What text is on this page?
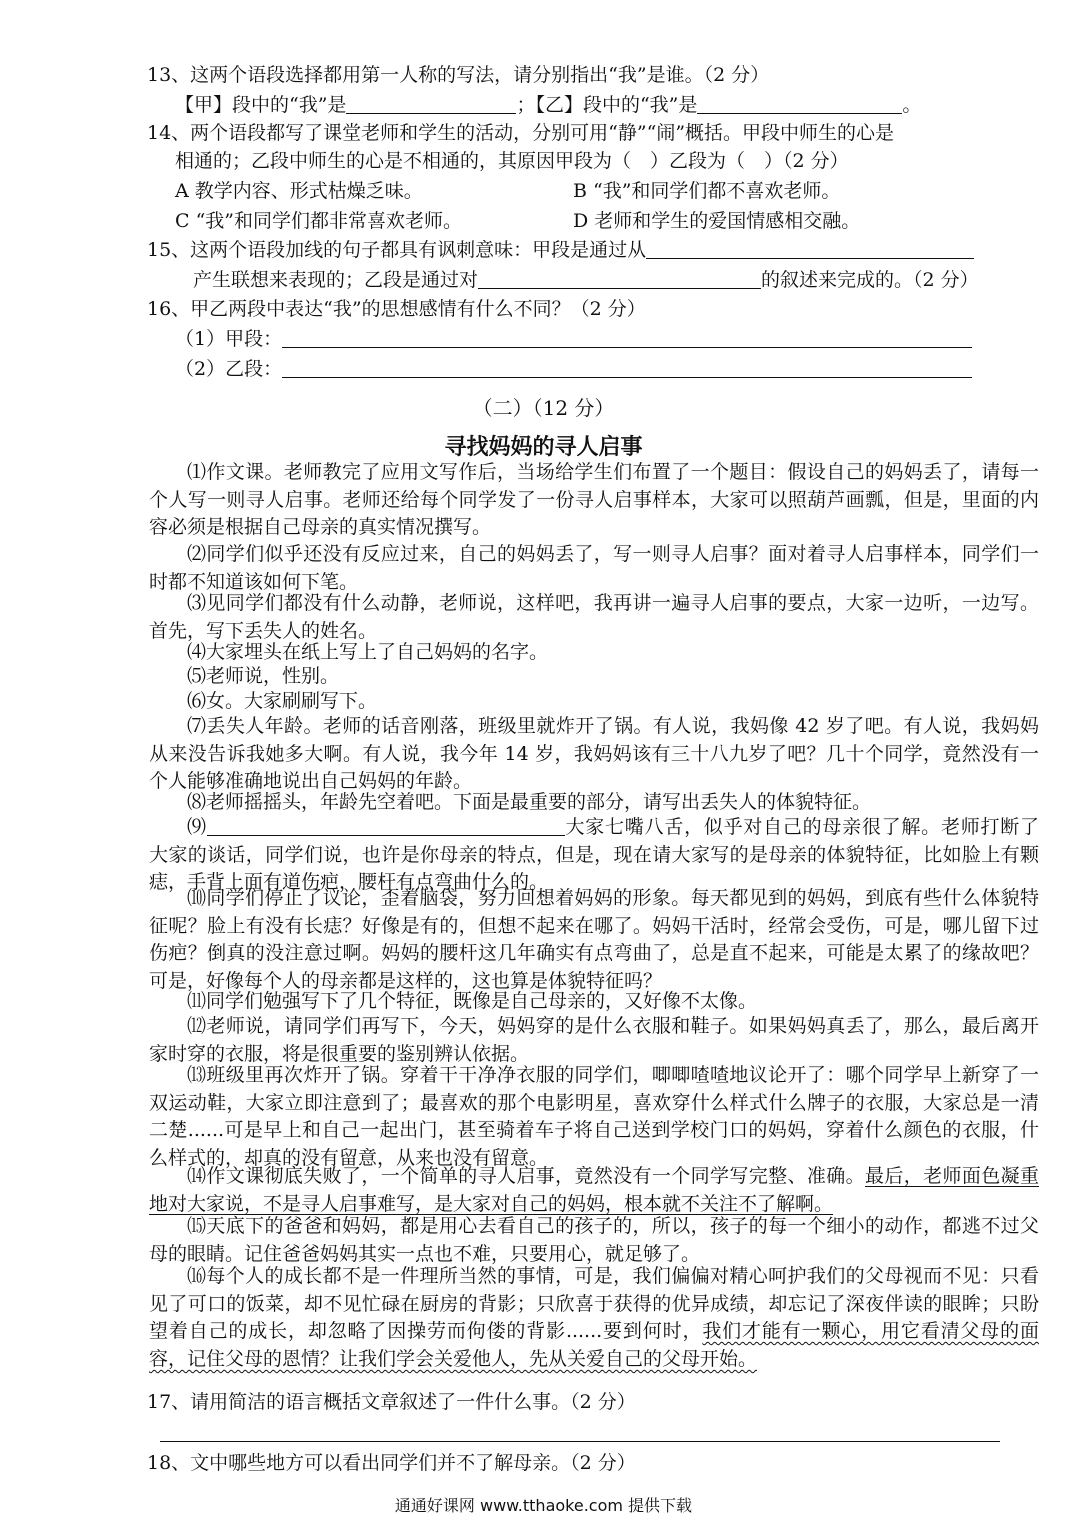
13、这两个语段选择都用第一人称的写法，请分别指出“我”是谁。（2 分）
【甲】段中的“我”是	；【乙】段中的“我”是	。
14、两个语段都写了课堂老师和学生的活动，分别可用“静”“闹”概括。甲段中师生的心是
相通的；乙段中师生的心是不相通的，其原因甲段为（　）乙段为（　）（2 分）
A 教学内容、形式枯燥乏味。	B “我”和同学们都不喜欢老师。
C “我”和同学们都非常喜欢老师。	D 老师和学生的爱国情感相交融。
15、这两个语段加线的句子都具有讽刺意味：甲段是通过从
产生联想来表现的；乙段是通过对	的叙述来完成的。（2 分）
16、甲乙两段中表达“我”的思想感情有什么不同？（2 分）
（1）甲段：
（2）乙段：
（二）（12 分）
寻找妈妈的寻人启事
⑴作文课。老师教完了应用文写作后，当场给学生们布置了一个题目：假设自己的妈妈丢了，请每一个人写一则寻人启事。老师还给每个同学发了一份寻人启事样本，大家可以照葫芦画瓢，但是，里面的内容必须是根据自己母亲的真实情况撰写。
⑵同学们似乎还没有反应过来，自己的妈妈丢了，写一则寻人启事？面对着寻人启事样本，同学们一时都不知道该如何下笔。
⑶见同学们都没有什么动静，老师说，这样吧，我再讲一遍寻人启事的要点，大家一边听，一边写。首先，写下丢失人的姓名。
⑷大家埋头在纸上写上了自己妈妈的名字。
⑸老师说，性别。
⑹女。大家刷刷写下。
⑺丢失人年龄。老师的话音刚落，班级里就炸开了锅。有人说，我妈像 42 岁了吧。有人说，我妈妈从来没告诉我她多大啊。有人说，我今年 14 岁，我妈妈该有三十八九岁了吧？几十个同学，竟然没有一个人能够准确地说出自己妈妈的年龄。
⑻老师摇摇头，年龄先空着吧。下面是最重要的部分，请写出丢失人的体貌特征。
⑼	大家七嘴八舌，似乎对自己的母亲很了解。老师打断了大家的谈话，同学们说，也许是你母亲的特点，但是，现在请大家写的是母亲的体貌特征，比如脸上有颗痣，手背上面有道伤疤，腰杆有点弯曲什么的。
⑽同学们停止了议论，歪着脑袋，努力回想着妈妈的形象。每天都见到的妈妈，到底有些什么体貌特征呢？脸上有没有长痣？好像是有的，但想不起来在哪了。妈妈干活时，经常会受伤，可是，哪儿留下过伤疤？倒真的没注意过啊。妈妈的腰杆这几年确实有点弯曲了，总是直不起来，可能是太累了的缘故吧？可是，好像每个人的母亲都是这样的，这也算是体貌特征吗？
⑾同学们勉强写下了几个特征，既像是自己母亲的，又好像不太像。
⑿老师说，请同学们再写下，今天，妈妈穿的是什么衣服和鞋子。如果妈妈真丢了，那么，最后离开家时穿的衣服，将是很重要的鉴别辨认依据。
⒀班级里再次炸开了锅。穿着干干净净衣服的同学们，唧唧喳喳地议论开了：哪个同学早上新穿了一双运动鞋，大家立即注意到了；最喜欢的那个电影明星，喜欢穿什么样式什么牌子的衣服，大家总是一清二楚......可是早上和自己一起出门，甚至骑着车子将自己送到学校门口的妈妈，穿着什么颜色的衣服，什么样式的，却真的没有留意，从来也没有留意。
⒁作文课彻底失败了，一个简单的寻人启事，竟然没有一个同学写完整、准确。最后，老师面色凝重地对大家说，不是寻人启事难写，是大家对自己的妈妈，根本就不关注不了解啊。
⒂天底下的爸爸和妈妈，都是用心去看自己的孩子的，所以，孩子的每一个细小的动作，都逃不过父母的眼睛。记住爸爸妈妈其实一点也不难，只要用心，就足够了。
⒃每个人的成长都不是一件理所当然的事情，可是，我们偏偏对精心呵护我们的父母视而不见：只看见了可口的饭菜，却不见忙碌在厨房的背影；只欣喜于获得的优异成绩，却忘记了深夜伴读的眼眸；只盼望着自己的成长，却忽略了因操劳而佝偻的背影......要到何时，我们才能有一颗心，用它看清父母的面容，记住父母的恩情？让我们学会关爱他人，先从关爱自己的父母开始。
17、请用简洁的语言概括文章叙述了一件什么事。（2 分）
18、文中哪些地方可以看出同学们并不了解母亲。（2 分）
通通好课网 www.tthaoke.com 提供下载
